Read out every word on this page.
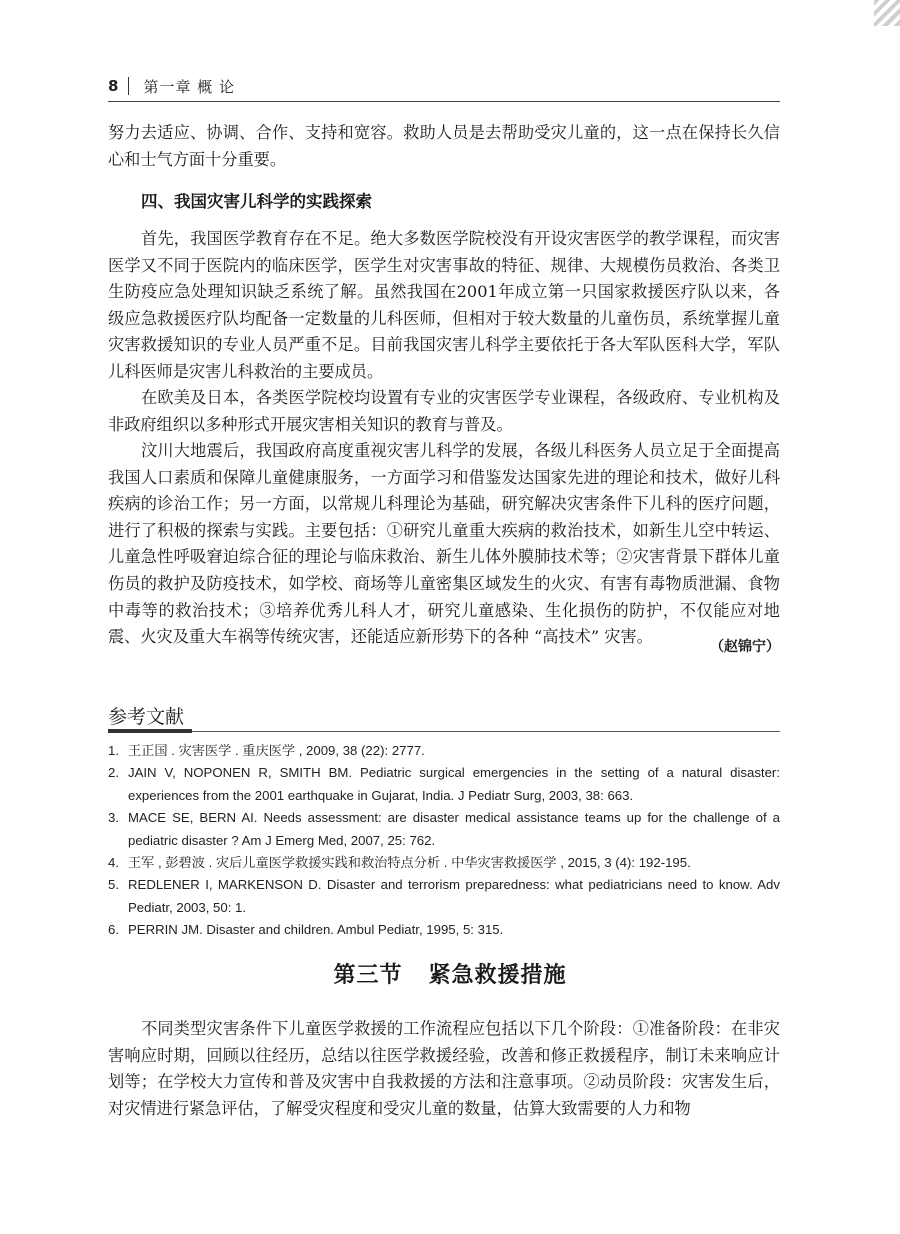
8 第一章 概 论

努力去适应、协调、合作、支持和宽容。救助人员是去帮助受灾儿童的，这一点在保持长久信心和士气方面十分重要。

四、我国灾害儿科学的实践探索

首先，我国医学教育存在不足。绝大多数医学院校没有开设灾害医学的教学课程，而灾害医学又不同于医院内的临床医学，医学生对灾害事故的特征、规律、大规模伤员救治、各类卫生防疫应急处理知识缺乏系统了解。虽然我国在2001年成立第一只国家救援医疗队以来，各级应急救援医疗队均配备一定数量的儿科医师，但相对于较大数量的儿童伤员，系统掌握儿童灾害救援知识的专业人员严重不足。目前我国灾害儿科学主要依托于各大军队医科大学，军队儿科医师是灾害儿科救治的主要成员。

在欧美及日本，各类医学院校均设置有专业的灾害医学专业课程，各级政府、专业机构及非政府组织以多种形式开展灾害相关知识的教育与普及。

汶川大地震后，我国政府高度重视灾害儿科学的发展，各级儿科医务人员立足于全面提高我国人口素质和保障儿童健康服务，一方面学习和借鉴发达国家先进的理论和技术，做好儿科疾病的诊治工作；另一方面，以常规儿科理论为基础，研究解决灾害条件下儿科的医疗问题，进行了积极的探索与实践。主要包括：①研究儿童重大疾病的救治技术，如新生儿空中转运、儿童急性呼吸窘迫综合征的理论与临床救治、新生儿体外膜肺技术等；②灾害背景下群体儿童伤员的救护及防疫技术，如学校、商场等儿童密集区域发生的火灾、有害有毒物质泄漏、食物中毒等的救治技术；③培养优秀儿科人才，研究儿童感染、生化损伤的防护，不仅能应对地震、火灾及重大车祸等传统灾害，还能适应新形势下的各种 “高技术” 灾害。

（赵锦宁）
参考文献
1. 王正国 . 灾害医学 . 重庆医学 , 2009, 38 (22): 2777.
2. JAIN V, NOPONEN R, SMITH BM. Pediatric surgical emergencies in the setting of a natural disaster: experiences from the 2001 earthquake in Gujarat, India. J Pediatr Surg, 2003, 38: 663.
3. MACE SE, BERN AI. Needs assessment: are disaster medical assistance teams up for the challenge of a pediatric disaster ? Am J Emerg Med, 2007, 25: 762.
4. 王军 , 彭碧波 . 灾后儿童医学救援实践和救治特点分析 . 中华灾害救援医学 , 2015, 3 (4): 192-195.
5. REDLENER I, MARKENSON D. Disaster and terrorism preparedness: what pediatricians need to know. Adv Pediatr, 2003, 50: 1.
6. PERRIN JM. Disaster and children. Ambul Pediatr, 1995, 5: 315.
第三节 紧急救援措施

不同类型灾害条件下儿童医学救援的工作流程应包括以下几个阶段：①准备阶段：在非灾害响应时期，回顾以往经历，总结以往医学救援经验，改善和修正救援程序，制订未来响应计划等；在学校大力宣传和普及灾害中自我救援的方法和注意事项。②动员阶段：灾害发生后，对灾情进行紧急评估，了解受灾程度和受灾儿童的数量，估算大致需要的人力和物
